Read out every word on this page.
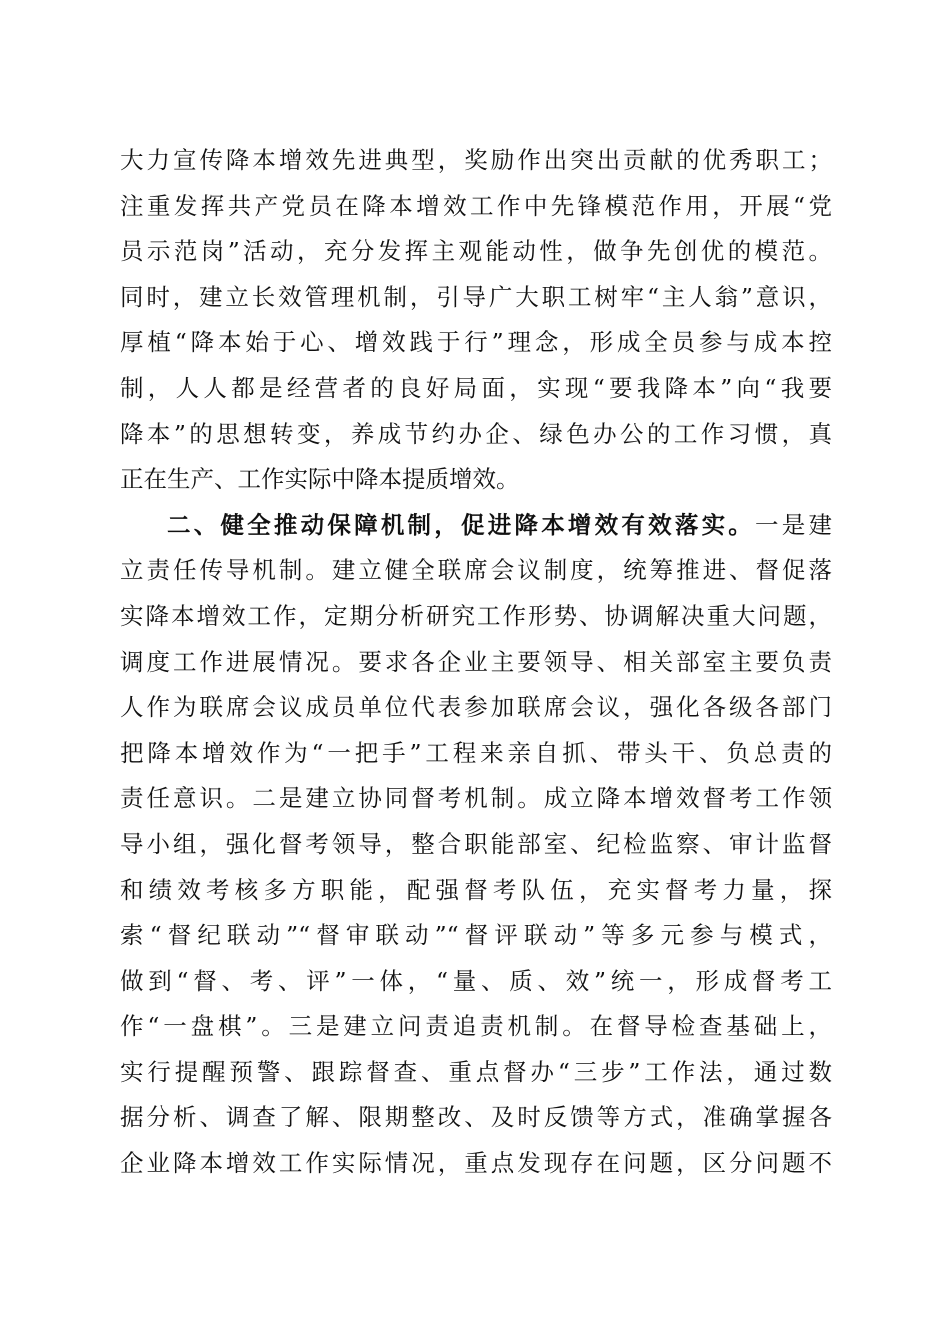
大力宣传降本增效先进典型，奖励作出突出贡献的优秀职工；
注重发挥共产党员在降本增效工作中先锋模范作用，开展“党
员示范岗”活动，充分发挥主观能动性，做争先创优的模范。
同时，建立长效管理机制，引导广大职工树牢“主人翁”意识，
厚植“降本始于心、增效践于行”理念，形成全员参与成本控
制，人人都是经营者的良好局面，实现“要我降本”向“我要
降本”的思想转变，养成节约办企、绿色办公的工作习惯，真
正在生产、工作实际中降本提质增效。
二、健全推动保障机制，促进降本增效有效落实。一是建
立责任传导机制。建立健全联席会议制度，统筹推进、督促落
实降本增效工作，定期分析研究工作形势、协调解决重大问题，
调度工作进展情况。要求各企业主要领导、相关部室主要负责
人作为联席会议成员单位代表参加联席会议，强化各级各部门
把降本增效作为“一把手”工程来亲自抓、带头干、负总责的
责任意识。二是建立协同督考机制。成立降本增效督考工作领
导小组，强化督考领导，整合职能部室、纪检监察、审计监督
和绩效考核多方职能，配强督考队伍，充实督考力量，探
索“督纪联动”“督审联动”“督评联动”等多元参与模式，
做到“督、考、评”一体，“量、质、效”统一，形成督考工
作“一盘棋”。三是建立问责追责机制。在督导检查基础上，
实行提醒预警、跟踪督查、重点督办“三步”工作法，通过数
据分析、调查了解、限期整改、及时反馈等方式，准确掌握各
企业降本增效工作实际情况，重点发现存在问题，区分问题不
